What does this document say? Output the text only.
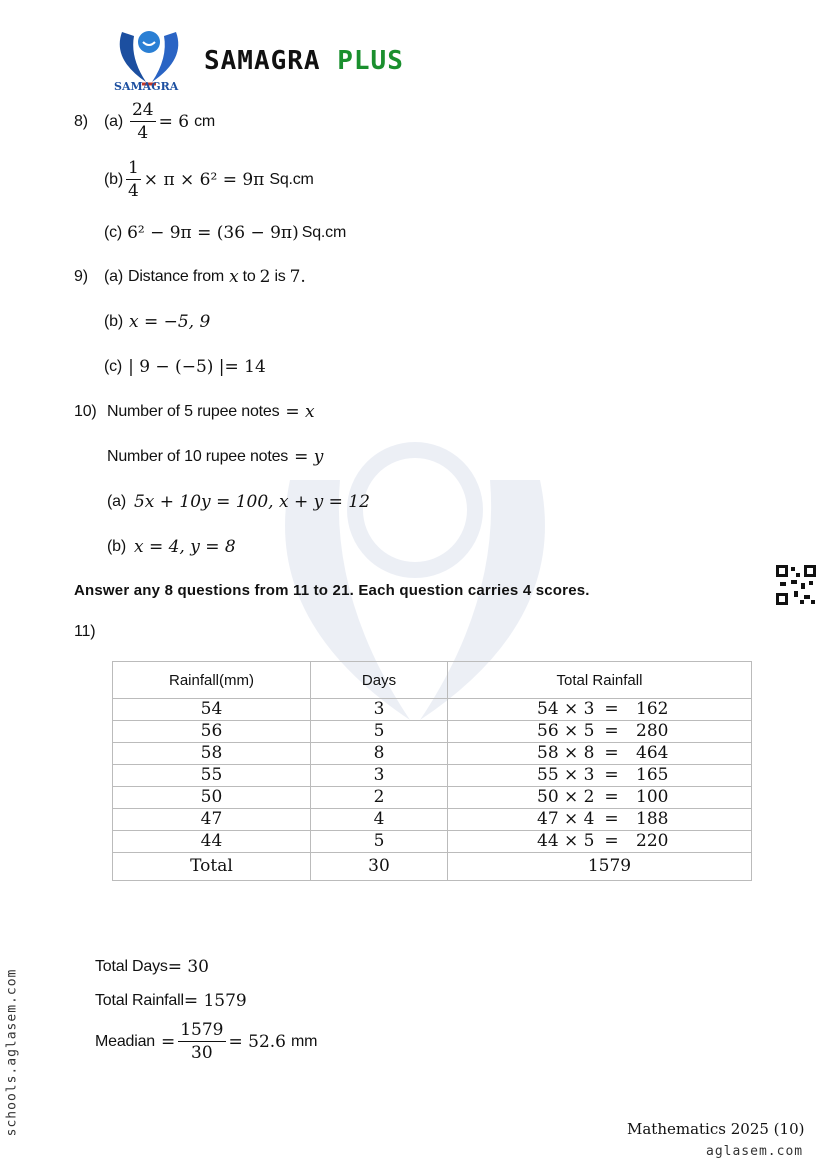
SAMAGRA
SAMAGRA PLUS
8)	$(a) \frac{24}{4} = 6$ cm
$(b) \frac{1}{4} \times \pi \times 6^2 = 9\pi$ Sq.cm
(c) 6² − 9π = (36 − 9π) Sq.cm
9)	(a) Distance from x to 2 is 7.
(b) x = −5, 9
(c) | 9 − (−5) |= 14
10) Number of 5 rupee notes = x
Number of 10 rupee notes = y
(a) 5x + 10y = 100, x + y = 12
(b) x = 4, y = 8
Answer any 8 questions from 11 to 21. Each question carries 4 scores.
11)
Rainfall(mm)	Days	Total Rainfall
54	3	54 × 3 = 162
56	5	56 × 5 = 280
58	8	58 × 8 = 464
55	3	55 × 3 = 165
50	2	50 × 2 = 100
47	4	47 × 4 = 188
44	5	44 × 5 = 220
Total	30	1579
Total Days = 30
Total Rainfall = 1579
Meadian = $\frac{1579}{30} = 52.6$ mm
Mathematics 2025 (10)
aglasem.com
schools.aglasem.com
